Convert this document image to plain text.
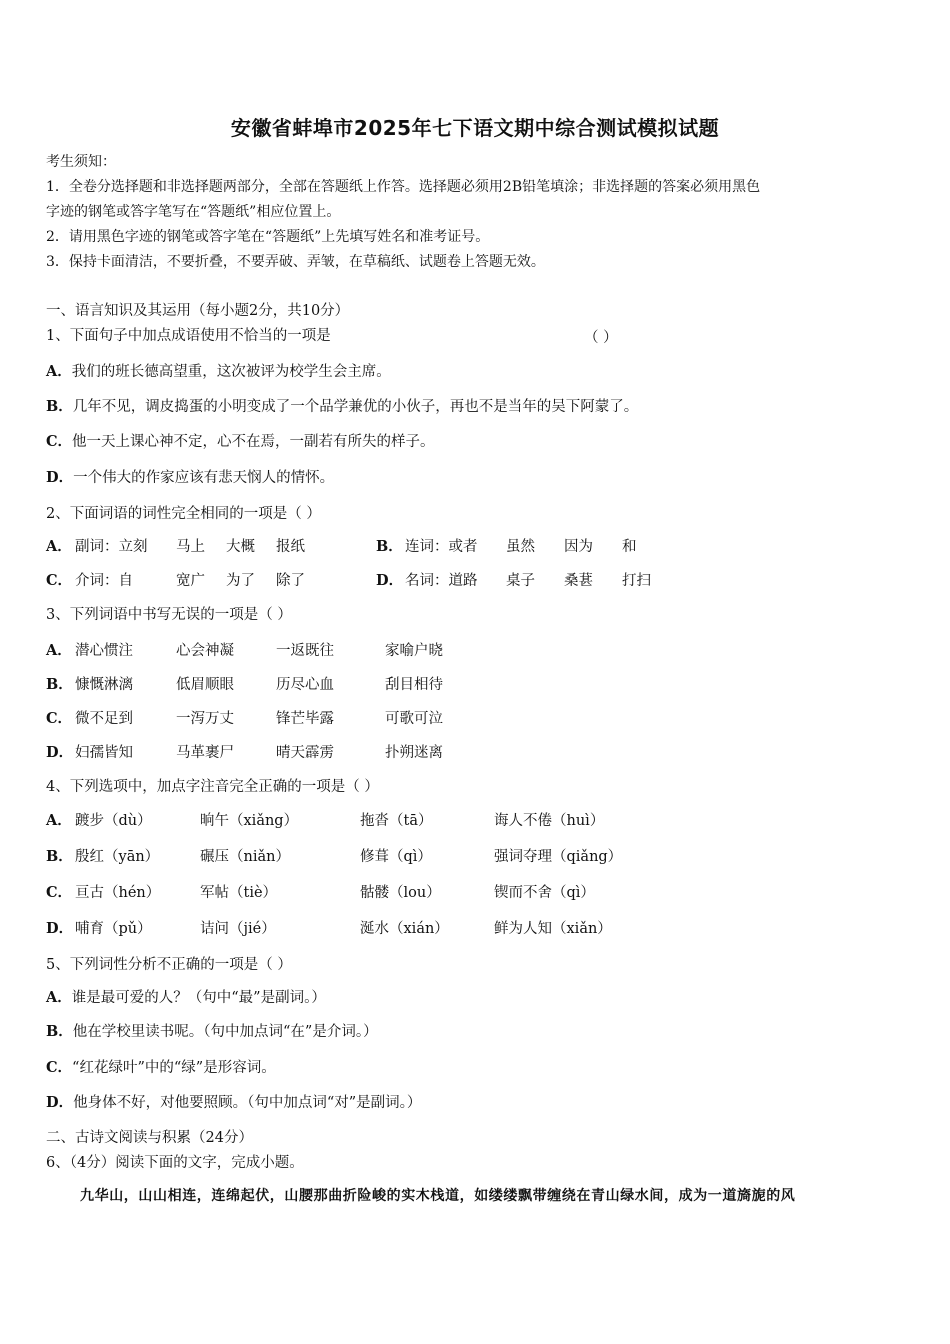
安徽省蚌埠市2025年七下语文期中综合测试模拟试题
考生须知：
1．全卷分选择题和非选择题两部分，全部在答题纸上作答。选择题必须用2B铅笔填涂；非选择题的答案必须用黑色
字迹的钢笔或答字笔写在“答题纸”相应位置上。
2．请用黑色字迹的钢笔或答字笔在“答题纸”上先填写姓名和准考证号。
3．保持卡面清洁，不要折叠，不要弄破、弄皱，在草稿纸、试题卷上答题无效。
一、语言知识及其运用（每小题2分，共10分）
1、下面句子中加点成语使用不恰当的一项是	（ ）
A．我们的班长德高望重，这次被评为校学生会主席。
B．几年不见，调皮捣蛋的小明变成了一个品学兼优的小伙子，再也不是当年的吴下阿蒙了。
C．他一天上课心神不定，心不在焉，一副若有所失的样子。
D．一个伟大的作家应该有悲天悯人的情怀。
2、下面词语的词性完全相同的一项是（ ）
A． 副词：立刻 马上 大概 报纸	B． 连词：或者 虽然 因为 和
C． 介词：自	宽广 为了 除了	D． 名词：道路 桌子 桑葚 打扫
3、下列词语中书写无误的一项是（ ）
A． 潜心惯注	心会神凝	一返既往	家喻户晓
B． 慷慨淋漓	低眉顺眼	历尽心血	刮目相待
C． 微不足到	一泻万丈	锋芒毕露	可歌可泣
D． 妇孺皆知	马革裹尸	晴天霹雳	扑朔迷离
4、下列选项中，加点字注音完全正确的一项是（ ）
A． 踱步（dù）	晌午（xiǎng）	拖沓（tā）	诲人不倦（huì）
B． 殷红（yān）	碾压（niǎn）	修葺（qì）	强词夺理（qiǎng）
C． 亘古（hén）	军帖（tiè）	骷髅（lou）	锲而不舍（qì）
D． 哺育（pǔ）	诘问（jié）	涎水（xián）	鲜为人知（xiǎn）
5、下列词性分析不正确的一项是（ ）
A．谁是最可爱的人？（句中“最”是副词。）
B．他在学校里读书呢。（句中加点词“在”是介词。）
C．“红花绿叶”中的“绿”是形容词。
D．他身体不好，对他要照顾。（句中加点词“对”是副词。）
二、古诗文阅读与积累（24分）
6、（4分）阅读下面的文字，完成小题。
九华山，山山相连，连绵起伏，山腰那曲折险峻的实木栈道，如缕缕飘带缠绕在青山绿水间，成为一道旖旎的风
